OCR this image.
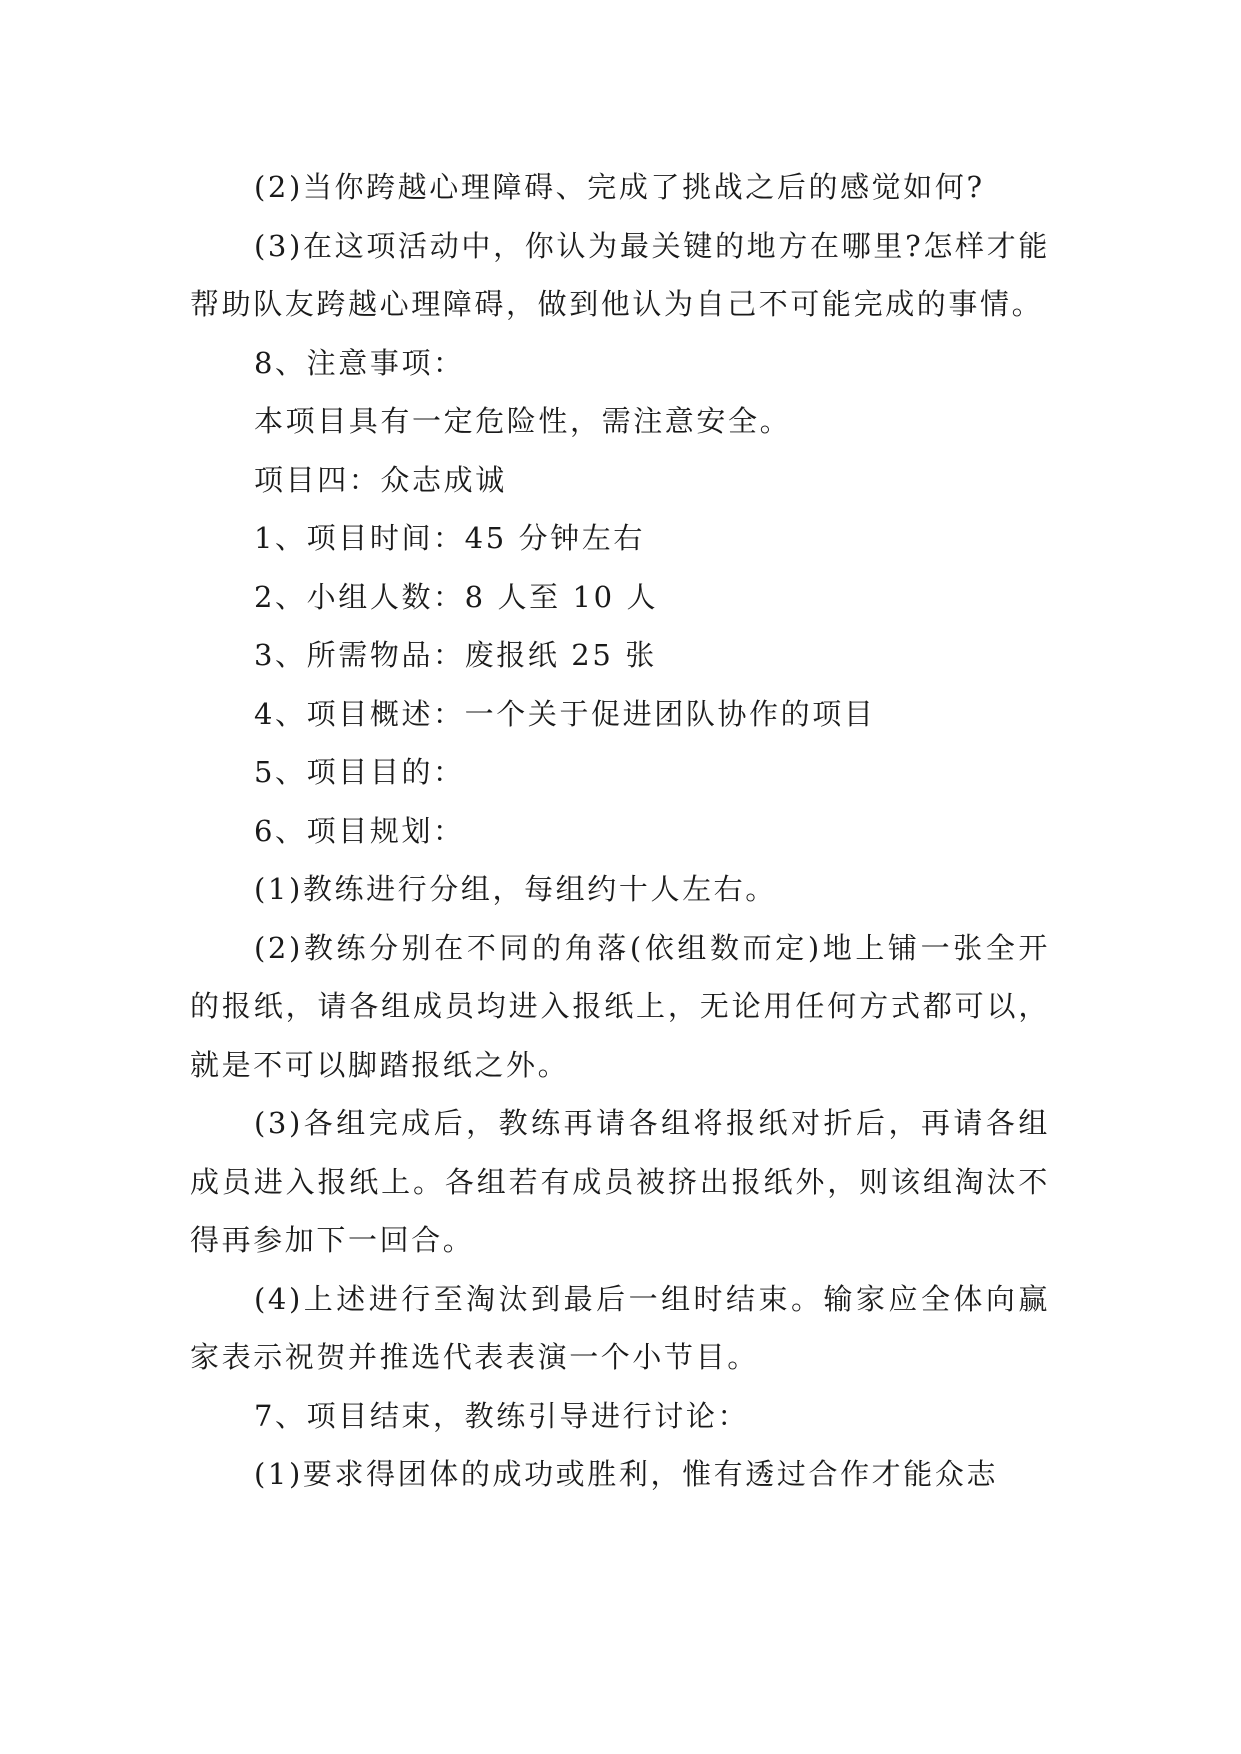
(2)当你跨越心理障碍、完成了挑战之后的感觉如何?

(3)在这项活动中，你认为最关键的地方在哪里?怎样才能帮助队友跨越心理障碍，做到他认为自己不可能完成的事情。

8、注意事项：

本项目具有一定危险性，需注意安全。

项目四：众志成诚

1、项目时间：45 分钟左右

2、小组人数：8 人至 10 人

3、所需物品：废报纸 25 张

4、项目概述：一个关于促进团队协作的项目

5、项目目的：

6、项目规划：

(1)教练进行分组，每组约十人左右。

(2)教练分别在不同的角落(依组数而定)地上铺一张全开的报纸，请各组成员均进入报纸上，无论用任何方式都可以，就是不可以脚踏报纸之外。

(3)各组完成后，教练再请各组将报纸对折后，再请各组成员进入报纸上。各组若有成员被挤出报纸外，则该组淘汰不得再参加下一回合。

(4)上述进行至淘汰到最后一组时结束。输家应全体向赢家表示祝贺并推选代表表演一个小节目。

7、项目结束，教练引导进行讨论：

(1)要求得团体的成功或胜利，惟有透过合作才能众志
